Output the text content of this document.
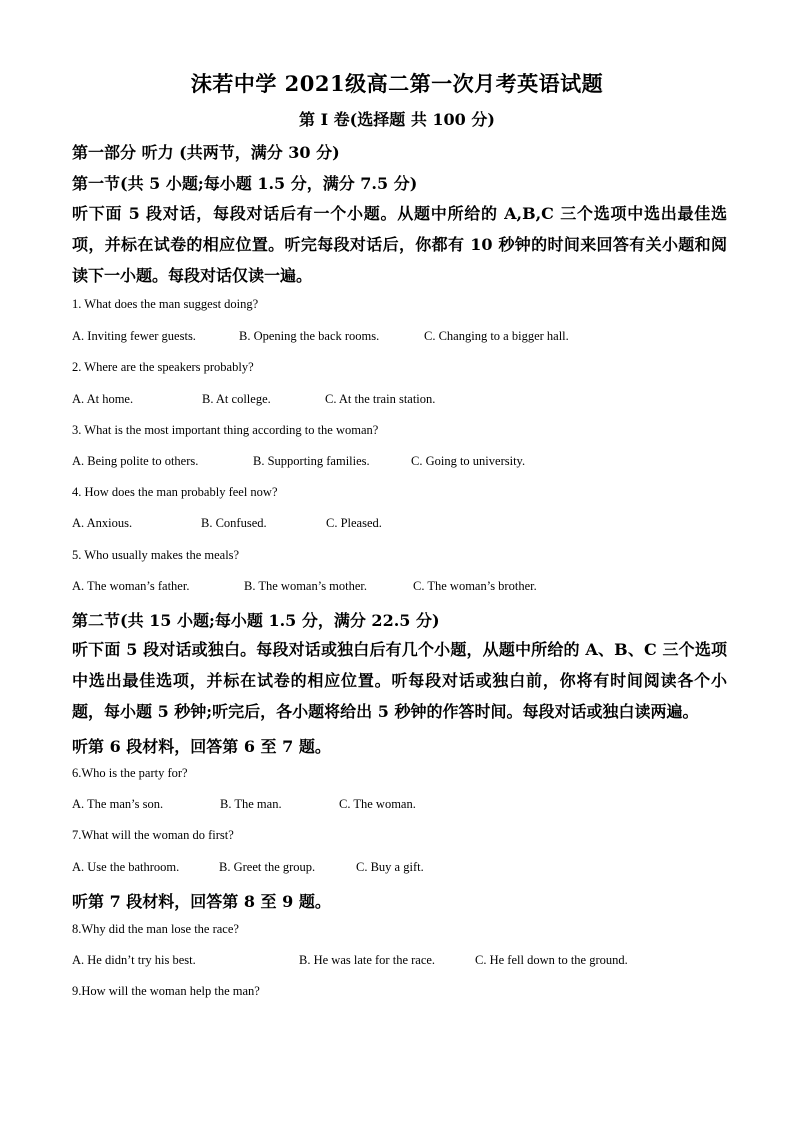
沫若中学 2021级高二第一次月考英语试题
第 I 卷(选择题 共 100 分)
第一部分 听力 (共两节，满分 30 分)
第一节(共 5 小题;每小题 1.5 分，满分 7.5 分)
听下面 5 段对话，每段对话后有一个小题。从题中所给的 A,B,C 三个选项中选出最佳选项，并标在试卷的相应位置。听完每段对话后，你都有 10 秒钟的时间来回答有关小题和阅读下一小题。每段对话仅读一遍。
1. What does the man suggest doing?
A. Inviting fewer guests.	B. Opening the back rooms.	C. Changing to a bigger hall.
2. Where are the speakers probably?
A. At home.	B. At college.	C. At the train station.
3. What is the most important thing according to the woman?
A. Being polite to others.	B. Supporting families.	C. Going to university.
4. How does the man probably feel now?
A. Anxious.	B. Confused.	C. Pleased.
5. Who usually makes the meals?
A. The woman’s father.	B. The woman’s mother.	C. The woman’s brother.
第二节(共 15 小题;每小题 1.5 分，满分 22.5 分)
听下面 5 段对话或独白。每段对话或独白后有几个小题，从题中所给的 A、B、C 三个选项中选出最佳选项，并标在试卷的相应位置。听每段对话或独白前，你将有时间阅读各个小题，每小题 5 秒钟;听完后，各小题将给出 5 秒钟的作答时间。每段对话或独白读两遍。
听第 6 段材料，回答第 6 至 7 题。
6.Who is the party for?
A. The man’s son.	B. The man.	C. The woman.
7.What will the woman do first?
A. Use the bathroom.	B. Greet the group.	C. Buy a gift.
听第 7 段材料，回答第 8 至 9 题。
8.Why did the man lose the race?
A. He didn’t try his best.	B. He was late for the race.	C. He fell down to the ground.
9.How will the woman help the man?
